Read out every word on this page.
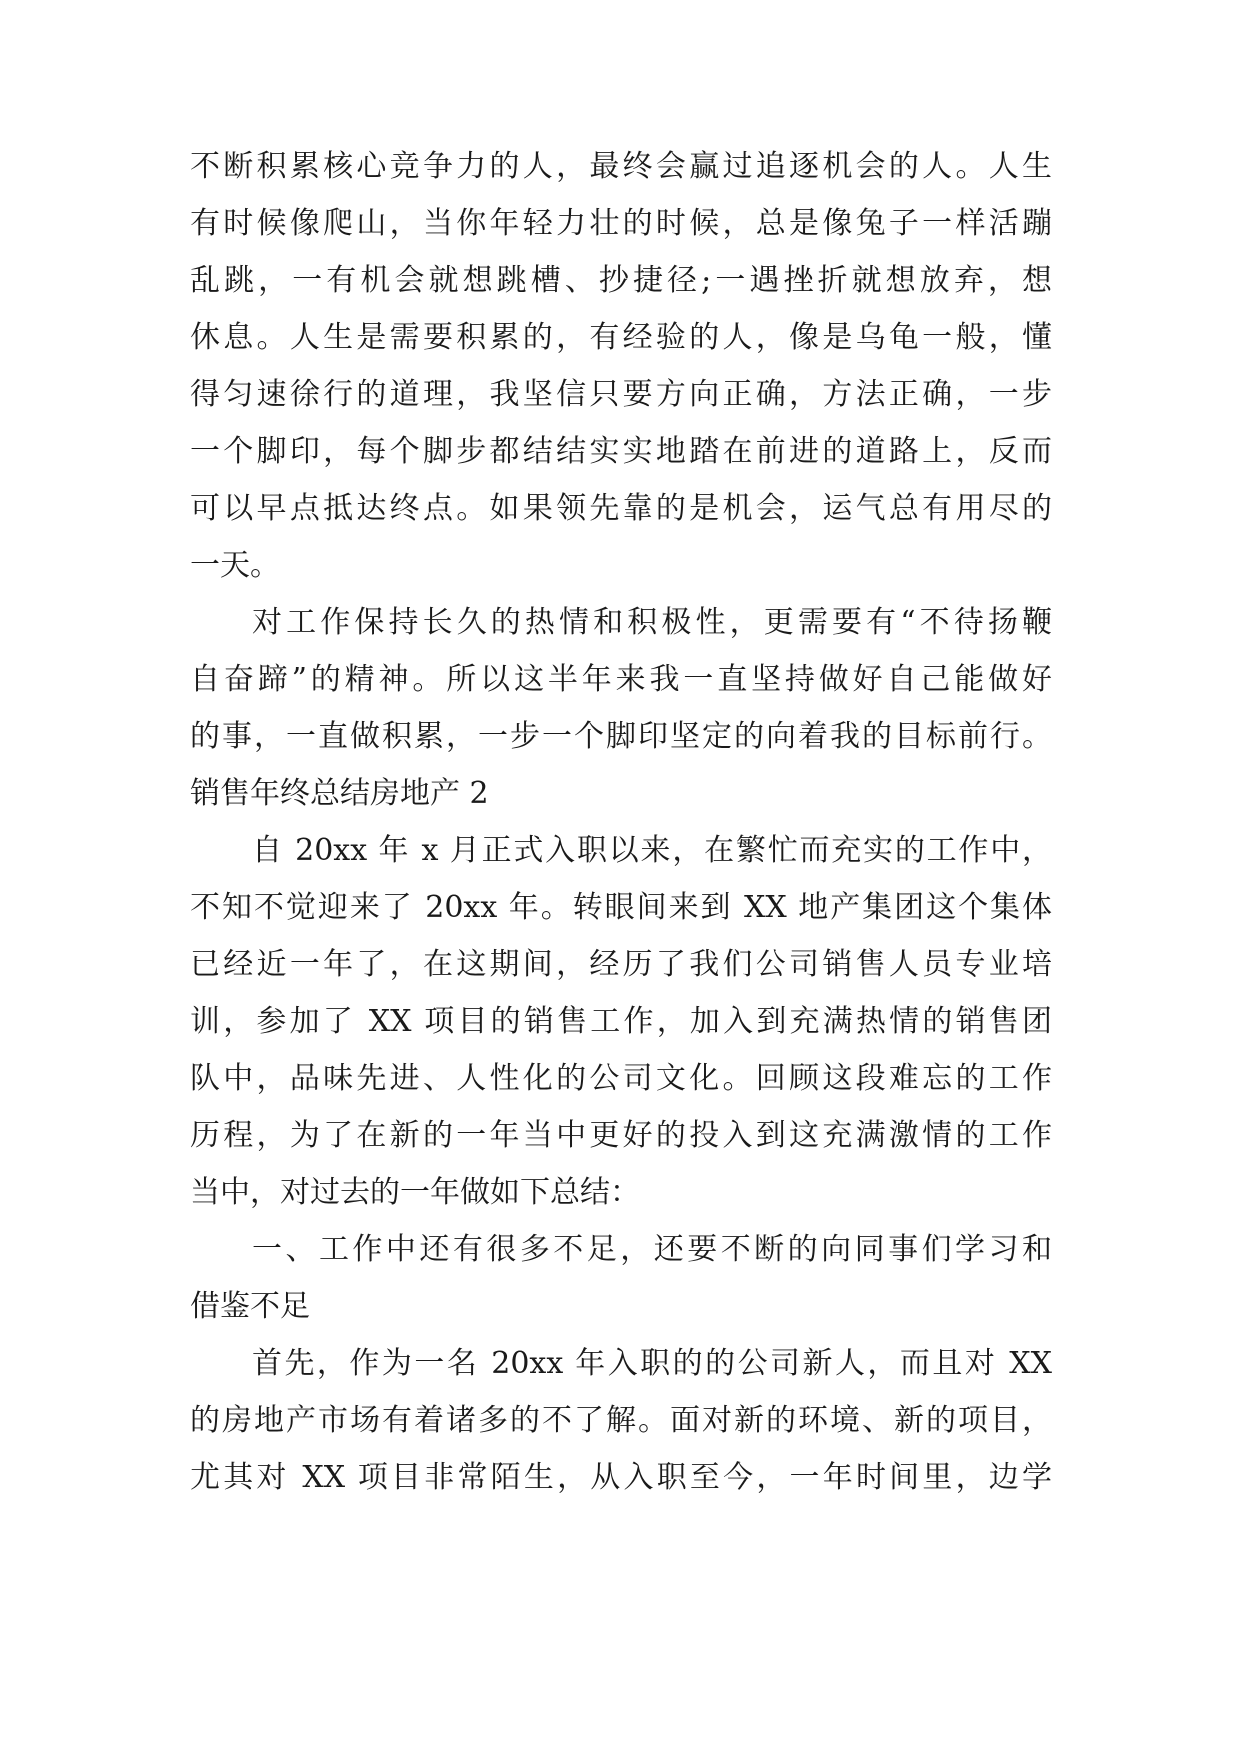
不断积累核心竞争力的人，最终会赢过追逐机会的人。人生
有时候像爬山，当你年轻力壮的时候，总是像兔子一样活蹦
乱跳，一有机会就想跳槽、抄捷径;一遇挫折就想放弃，想
休息。人生是需要积累的，有经验的人，像是乌龟一般，懂
得匀速徐行的道理，我坚信只要方向正确，方法正确，一步
一个脚印，每个脚步都结结实实地踏在前进的道路上，反而
可以早点抵达终点。如果领先靠的是机会，运气总有用尽的
一天。
对工作保持长久的热情和积极性，更需要有“不待扬鞭
自奋蹄”的精神。所以这半年来我一直坚持做好自己能做好
的事，一直做积累，一步一个脚印坚定的向着我的目标前行。
销售年终总结房地产 2
自 20xx 年 x 月正式入职以来，在繁忙而充实的工作中，
不知不觉迎来了 20xx 年。转眼间来到 XX 地产集团这个集体
已经近一年了，在这期间，经历了我们公司销售人员专业培
训，参加了 XX 项目的销售工作，加入到充满热情的销售团
队中，品味先进、人性化的公司文化。回顾这段难忘的工作
历程，为了在新的一年当中更好的投入到这充满激情的工作
当中，对过去的一年做如下总结：
一、工作中还有很多不足，还要不断的向同事们学习和
借鉴不足
首先，作为一名 20xx 年入职的的公司新人，而且对 XX
的房地产市场有着诸多的不了解。面对新的环境、新的项目，
尤其对 XX 项目非常陌生，从入职至今，一年时间里，边学
